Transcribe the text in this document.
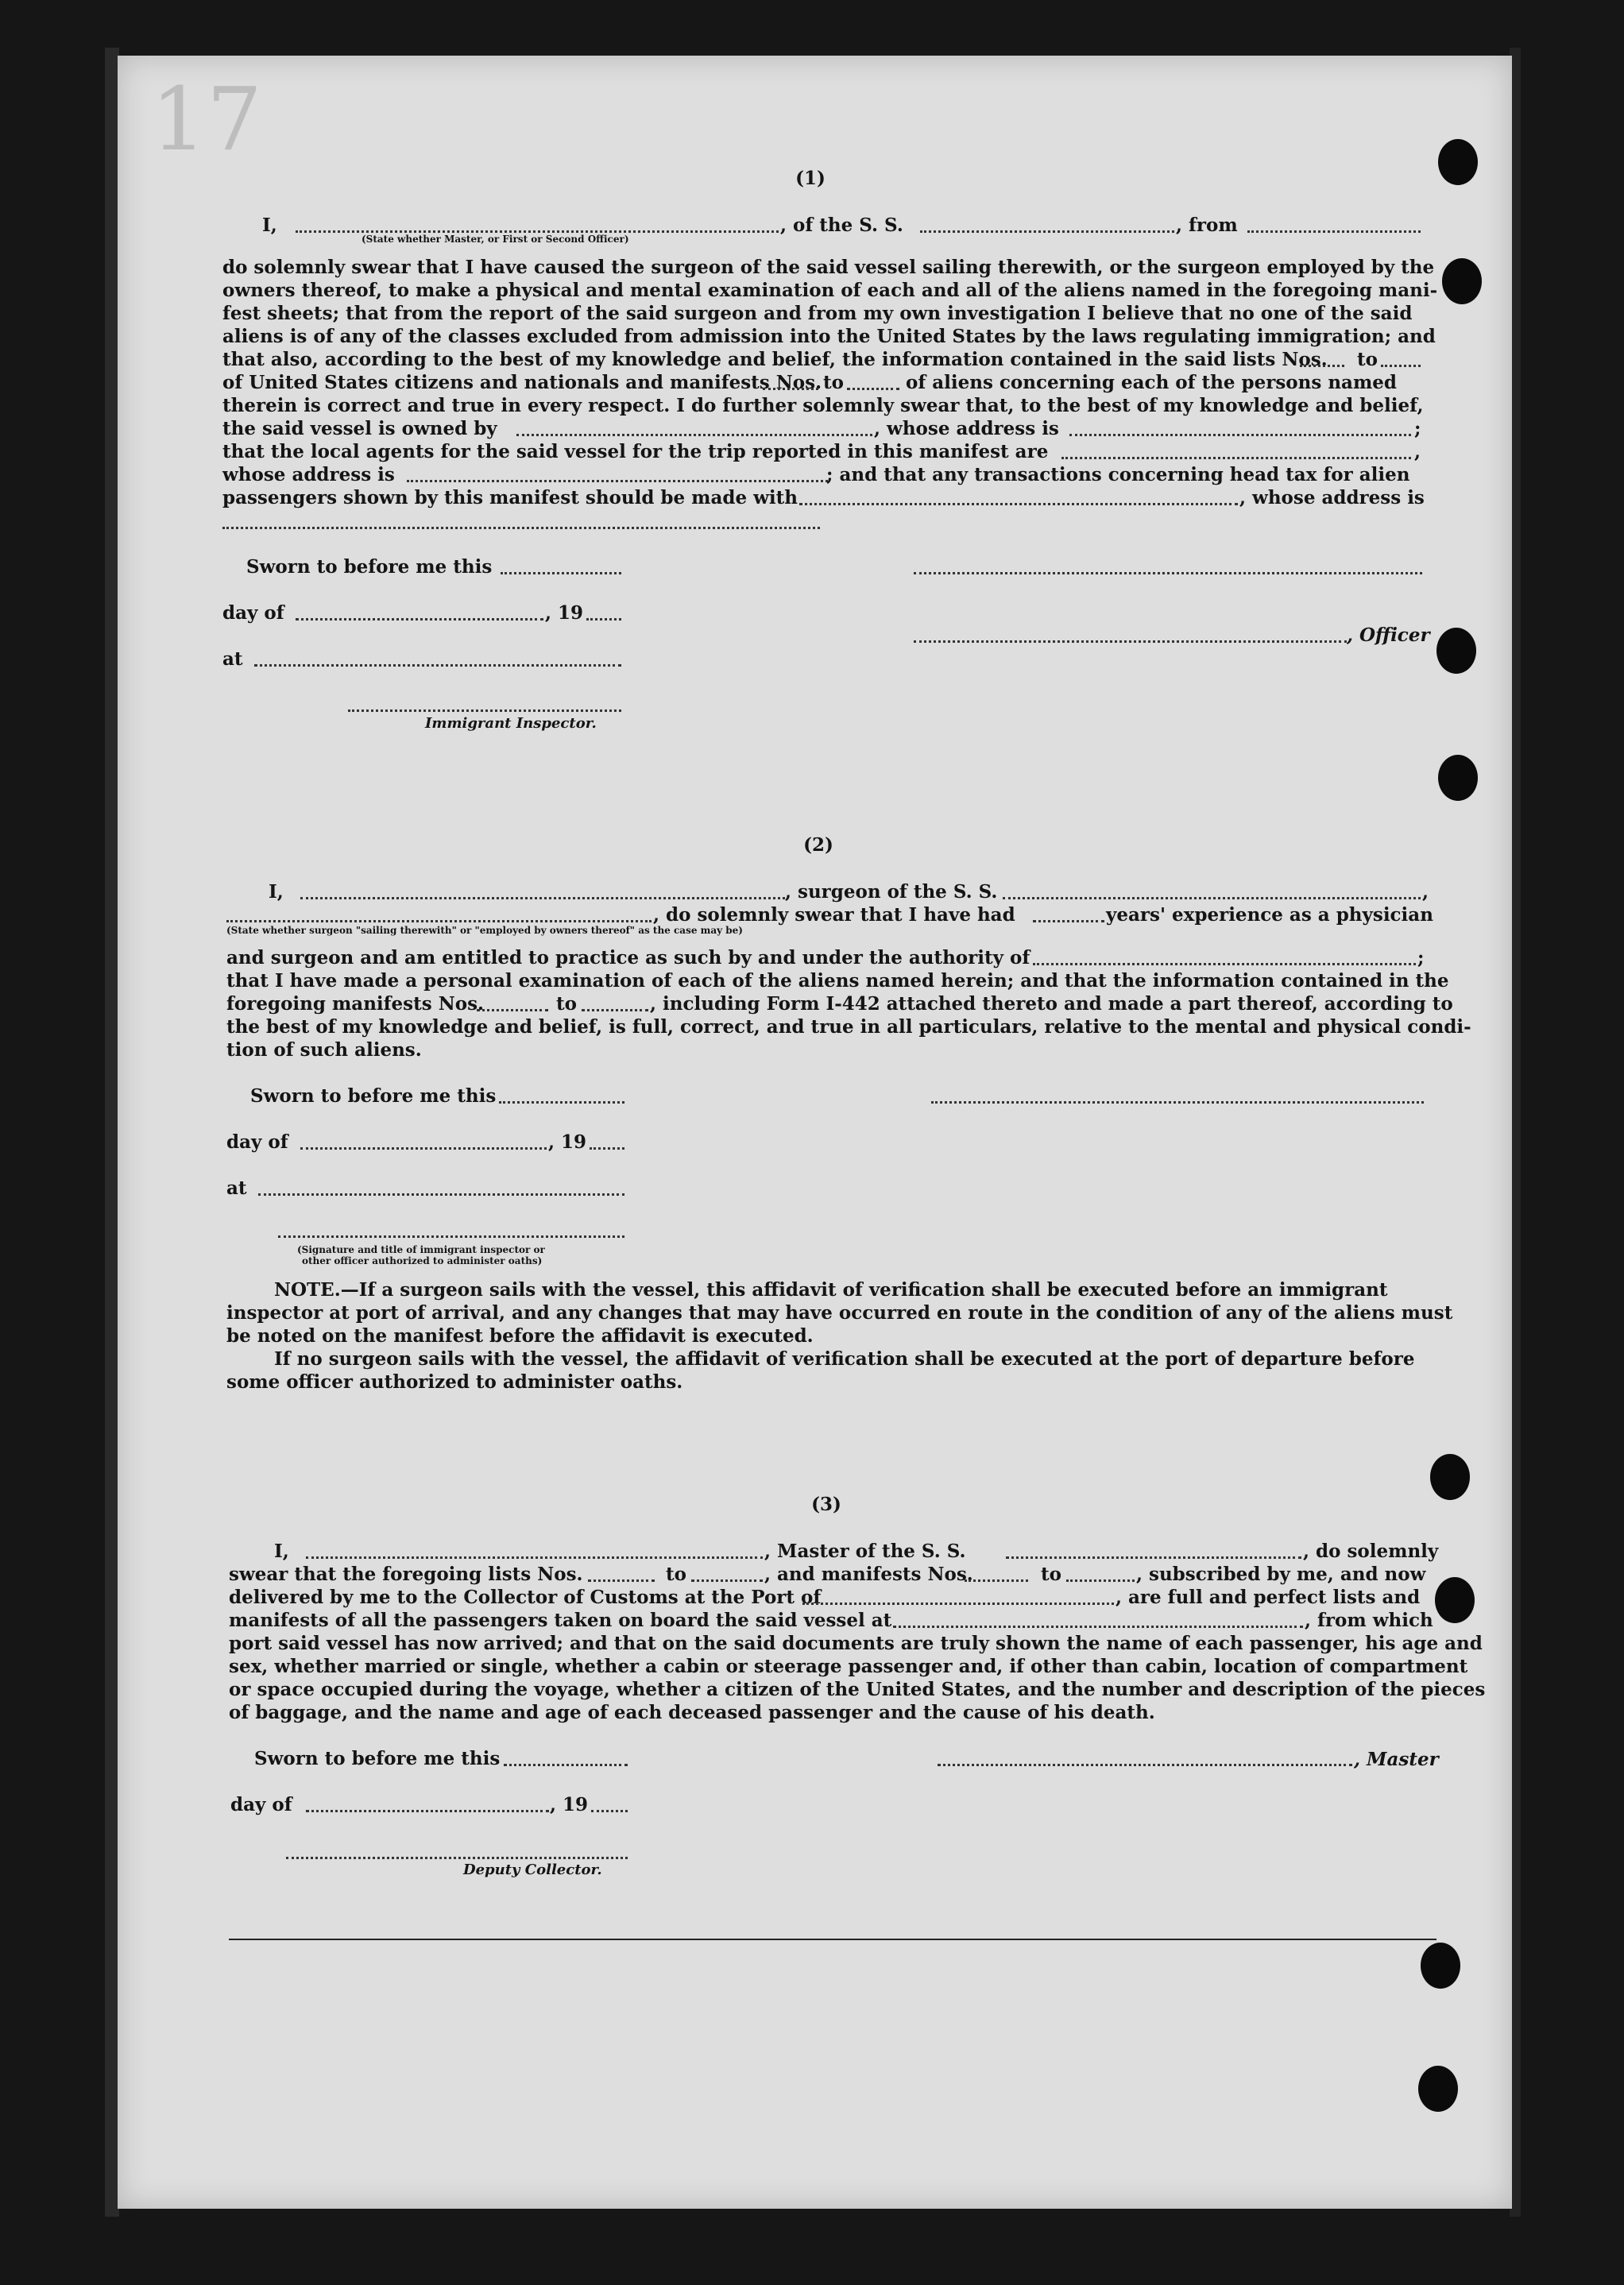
17
(1)
I,	, of the S. S.	, from
(State whether Master, or First or Second Officer)
do solemnly swear that I have caused the surgeon of the said vessel sailing therewith, or the surgeon employed by the
owners thereof, to make a physical and mental examination of each and all of the aliens named in the foregoing mani-
fest sheets; that from the report of the said surgeon and from my own investigation I believe that no one of the said
aliens is of any of the classes excluded from admission into the United States by the laws regulating immigration; and
that also, according to the best of my knowledge and belief, the information contained in the said lists Nos. to
of United States citizens and nationals and manifests Nos. to	of aliens concerning each of the persons named
therein is correct and true in every respect. I do further solemnly swear that, to the best of my knowledge and belief,
the said vessel is owned by	, whose address is	;
that the local agents for the said vessel for the trip reported in this manifest are	,
whose address is	; and that any transactions concerning head tax for alien
passengers shown by this manifest should be made with	, whose address is
Sworn to before me this
day of	, 19
, Officer
at
Immigrant Inspector.
(2)
I,	, surgeon of the S. S.	,
, do solemnly swear that I have had	years' experience as a physician
(State whether surgeon "sailing therewith" or "employed by owners thereof" as the case may be)
and surgeon and am entitled to practice as such by and under the authority of	;
that I have made a personal examination of each of the aliens named herein; and that the information contained in the
foregoing manifests Nos.	to	, including Form I-442 attached thereto and made a part thereof, according to
the best of my knowledge and belief, is full, correct, and true in all particulars, relative to the mental and physical condi-
tion of such aliens.
Sworn to before me this
day of	, 19
at
(Signature and title of immigrant inspector or
other officer authorized to administer oaths)
NOTE.—If a surgeon sails with the vessel, this affidavit of verification shall be executed before an immigrant
inspector at port of arrival, and any changes that may have occurred en route in the condition of any of the aliens must
be noted on the manifest before the affidavit is executed.
If no surgeon sails with the vessel, the affidavit of verification shall be executed at the port of departure before
some officer authorized to administer oaths.
(3)
I,	, Master of the S. S.	, do solemnly
swear that the foregoing lists Nos.	to	, and manifests Nos.	to	, subscribed by me, and now
delivered by me to the Collector of Customs at the Port of	, are full and perfect lists and
manifests of all the passengers taken on board the said vessel at	, from which
port said vessel has now arrived; and that on the said documents are truly shown the name of each passenger, his age and
sex, whether married or single, whether a cabin or steerage passenger and, if other than cabin, location of compartment
or space occupied during the voyage, whether a citizen of the United States, and the number and description of the pieces
of baggage, and the name and age of each deceased passenger and the cause of his death.
Sworn to before me this	, Master
day of	, 19
Deputy Collector.
